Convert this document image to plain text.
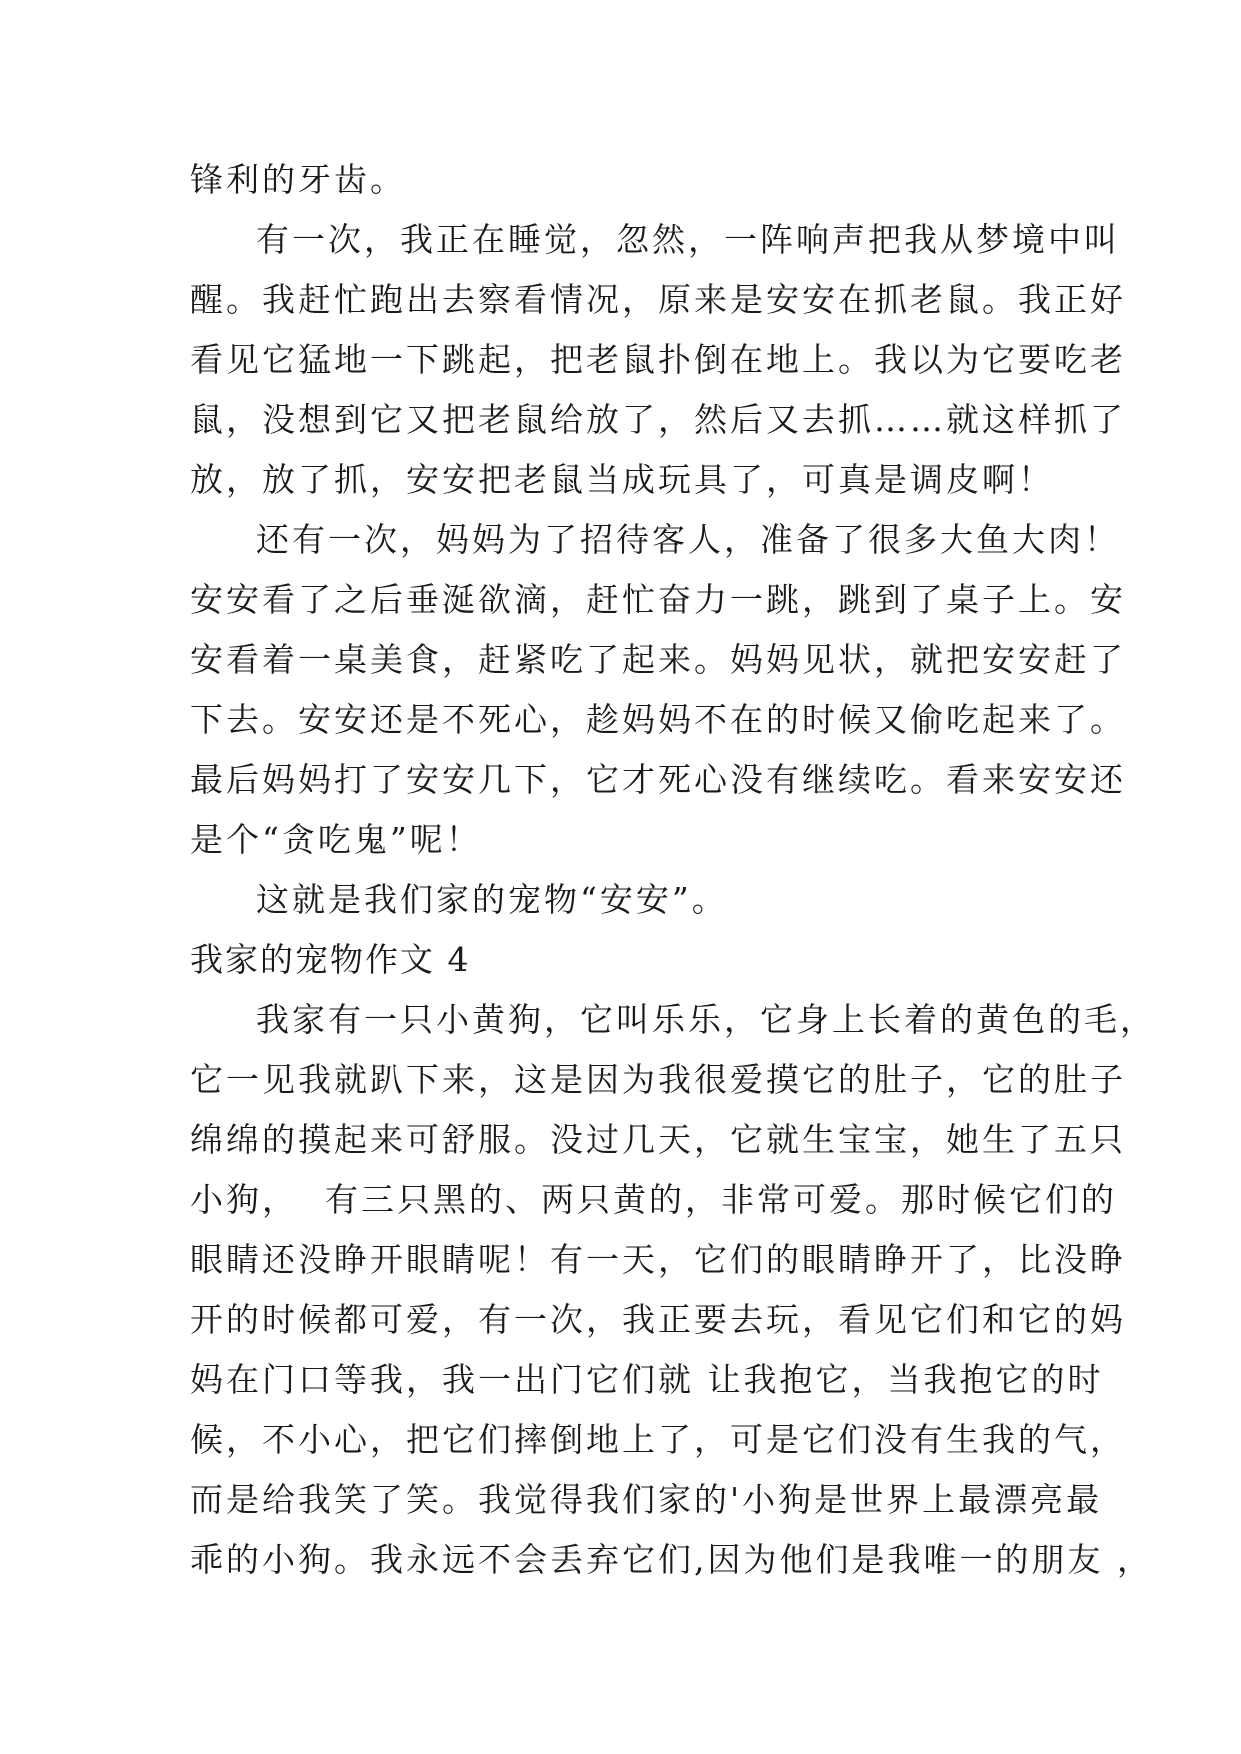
锋利的牙齿。
有一次，我正在睡觉，忽然，一阵响声把我从梦境中叫
醒。我赶忙跑出去察看情况，原来是安安在抓老鼠。我正好
看见它猛地一下跳起，把老鼠扑倒在地上。我以为它要吃老
鼠，没想到它又把老鼠给放了，然后又去抓……就这样抓了
放，放了抓，安安把老鼠当成玩具了，可真是调皮啊！
还有一次，妈妈为了招待客人，准备了很多大鱼大肉！
安安看了之后垂涎欲滴，赶忙奋力一跳，跳到了桌子上。安
安看着一桌美食，赶紧吃了起来。妈妈见状，就把安安赶了
下去。安安还是不死心，趁妈妈不在的时候又偷吃起来了。
最后妈妈打了安安几下，它才死心没有继续吃。看来安安还
是个“贪吃鬼”呢！
这就是我们家的宠物“安安”。
我家的宠物作文 4
我家有一只小黄狗，它叫乐乐，它身上长着的黄色的毛，
它一见我就趴下来，这是因为我很爱摸它的肚子，它的肚子
绵绵的摸起来可舒服。没过几天，它就生宝宝，她生了五只
小狗，  有三只黑的、两只黄的，非常可爱。那时候它们的
眼睛还没睁开眼睛呢！有一天，它们的眼睛睁开了，比没睁
开的时候都可爱，有一次，我正要去玩，看见它们和它的妈
妈在门口等我，我一出门它们就 让我抱它，当我抱它的时
候，不小心，把它们摔倒地上了，可是它们没有生我的气，
而是给我笑了笑。我觉得我们家的'小狗是世界上最漂亮最
乖的小狗。我永远不会丢弃它们,因为他们是我唯一的朋友 ，
